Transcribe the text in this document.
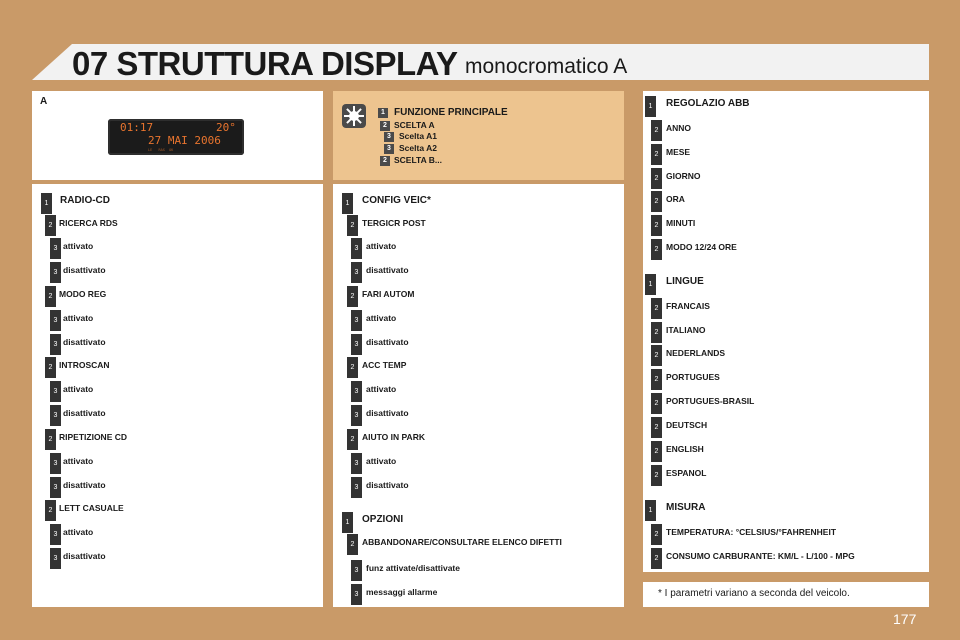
07 STRUTTURA DISPLAY monocromatico A
A
01:17	20°
27 MAI 2006
LE   RAS  OK
1 FUNZIONE PRINCIPALE
2 SCELTA A
3 Scelta A1
3 Scelta A2
2 SCELTA B...
1	RADIO-CD
2 RICERCA RDS
3 attivato
3 disattivato
2 MODO REG
3 attivato
3 disattivato
2 INTROSCAN
3 attivato
3 disattivato
2 RIPETIZIONE CD
3 attivato
3 disattivato
2 LETT CASUALE
3 attivato
3 disattivato
1	CONFIG VEIC*
2 TERGICR POST
3 attivato
3 disattivato
2 FARI AUTOM
3 attivato
3 disattivato
2 ACC TEMP
3 attivato
3 disattivato
2 AIUTO IN PARK
3 attivato
3 disattivato
1	OPZIONI
2 ABBANDONARE/CONSULTARE ELENCO DIFETTI
3 funz attivate/disattivate
3 messaggi allarme
1	REGOLAZIO ABB
2 ANNO
2 MESE
2 GIORNO
2 ORA
2 MINUTI
2 MODO 12/24 ORE
1	LINGUE
2 FRANCAIS
2 ITALIANO
2 NEDERLANDS
2 PORTUGUES
2 PORTUGUES-BRASIL
2 DEUTSCH
2 ENGLISH
2 ESPANOL
1	MISURA
2 TEMPERATURA: °CELSIUS/°FAHRENHEIT
2 CONSUMO CARBURANTE: KM/L - L/100 - MPG
* I parametri variano a seconda del veicolo.
177
